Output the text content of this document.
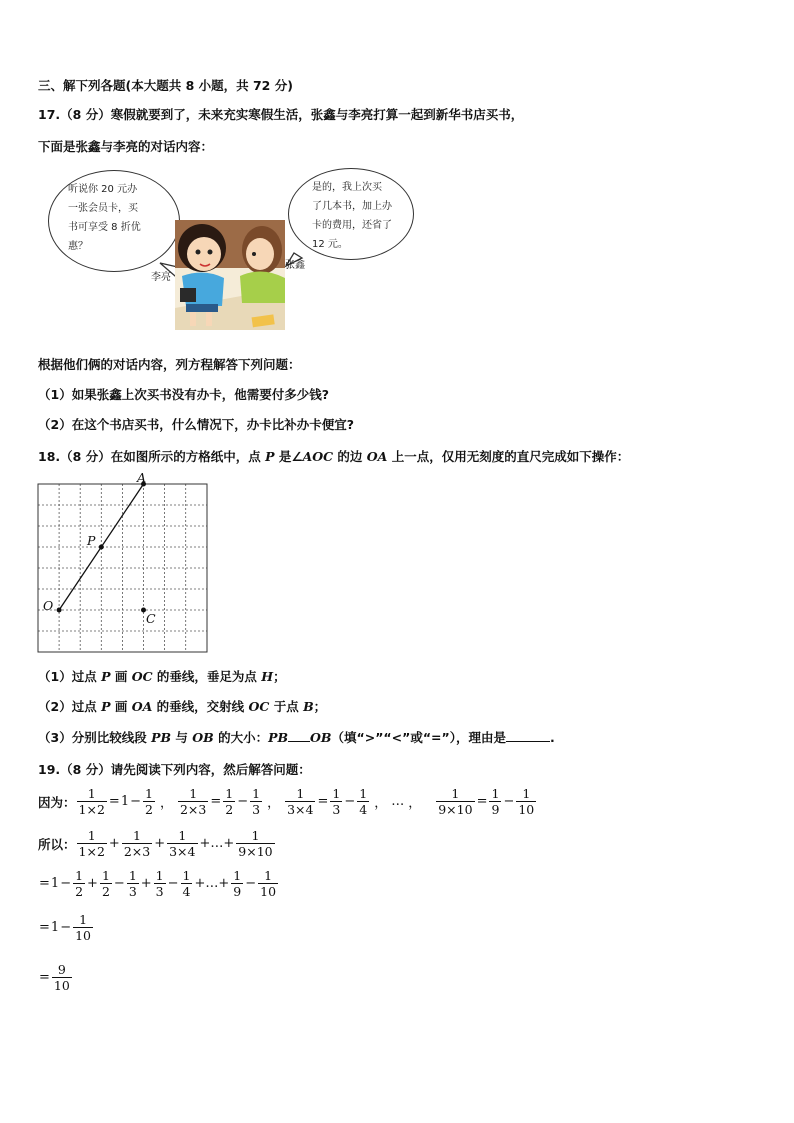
三、解下列各题(本大题共 8 小题，共 72 分)
17.（8 分）寒假就要到了，未来充实寒假生活，张鑫与李亮打算一起到新华书店买书，
下面是张鑫与李亮的对话内容：
听说你 20 元办
一张会员卡，买
书可享受 8 折优
惠？
是的，我上次买
了几本书，加上办
卡的费用，还省了
12 元。
李亮
张鑫
根据他们俩的对话内容，列方程解答下列问题：
（1）如果张鑫上次买书没有办卡，他需要付多少钱?
（2）在这个书店买书，什么情况下，办卡比补办卡便宜?
18.（8 分）在如图所示的方格纸中，点 P 是∠AOC 的边 OA 上一点，仅用无刻度的直尺完成如下操作：
A
P
O
C
（1）过点 P 画 OC 的垂线，垂足为点 H；
（2）过点 P 画 OA 的垂线，交射线 OC 于点 B；
（3）分别比较线段 PB 与 OB 的大小：PB OB（填“>”“<”或“=”），理由是	.
19.（8 分）请先阅读下列内容，然后解答问题：
因为： $\frac{1}{1\times 2} = 1 - \frac{1}{2}$ ， $\frac{1}{2\times 3} = \frac{1}{2} - \frac{1}{3}$ ， $\frac{1}{3\times 4} = \frac{1}{3} - \frac{1}{4}$ ， … ， $\frac{1}{9\times 10} = \frac{1}{9} - \frac{1}{10}$
所以： $\frac{1}{1\times 2} + \frac{1}{2\times 3} + \frac{1}{3\times 4}$ +…+ $\frac{1}{9\times 10}$
= $1 - \frac{1}{2} + \frac{1}{2} - \frac{1}{3} + \frac{1}{3} - \frac{1}{4}$ +…+ $\frac{1}{9} - \frac{1}{10}$
= $1 - \frac{1}{10}$
= $\frac{9}{10}$
